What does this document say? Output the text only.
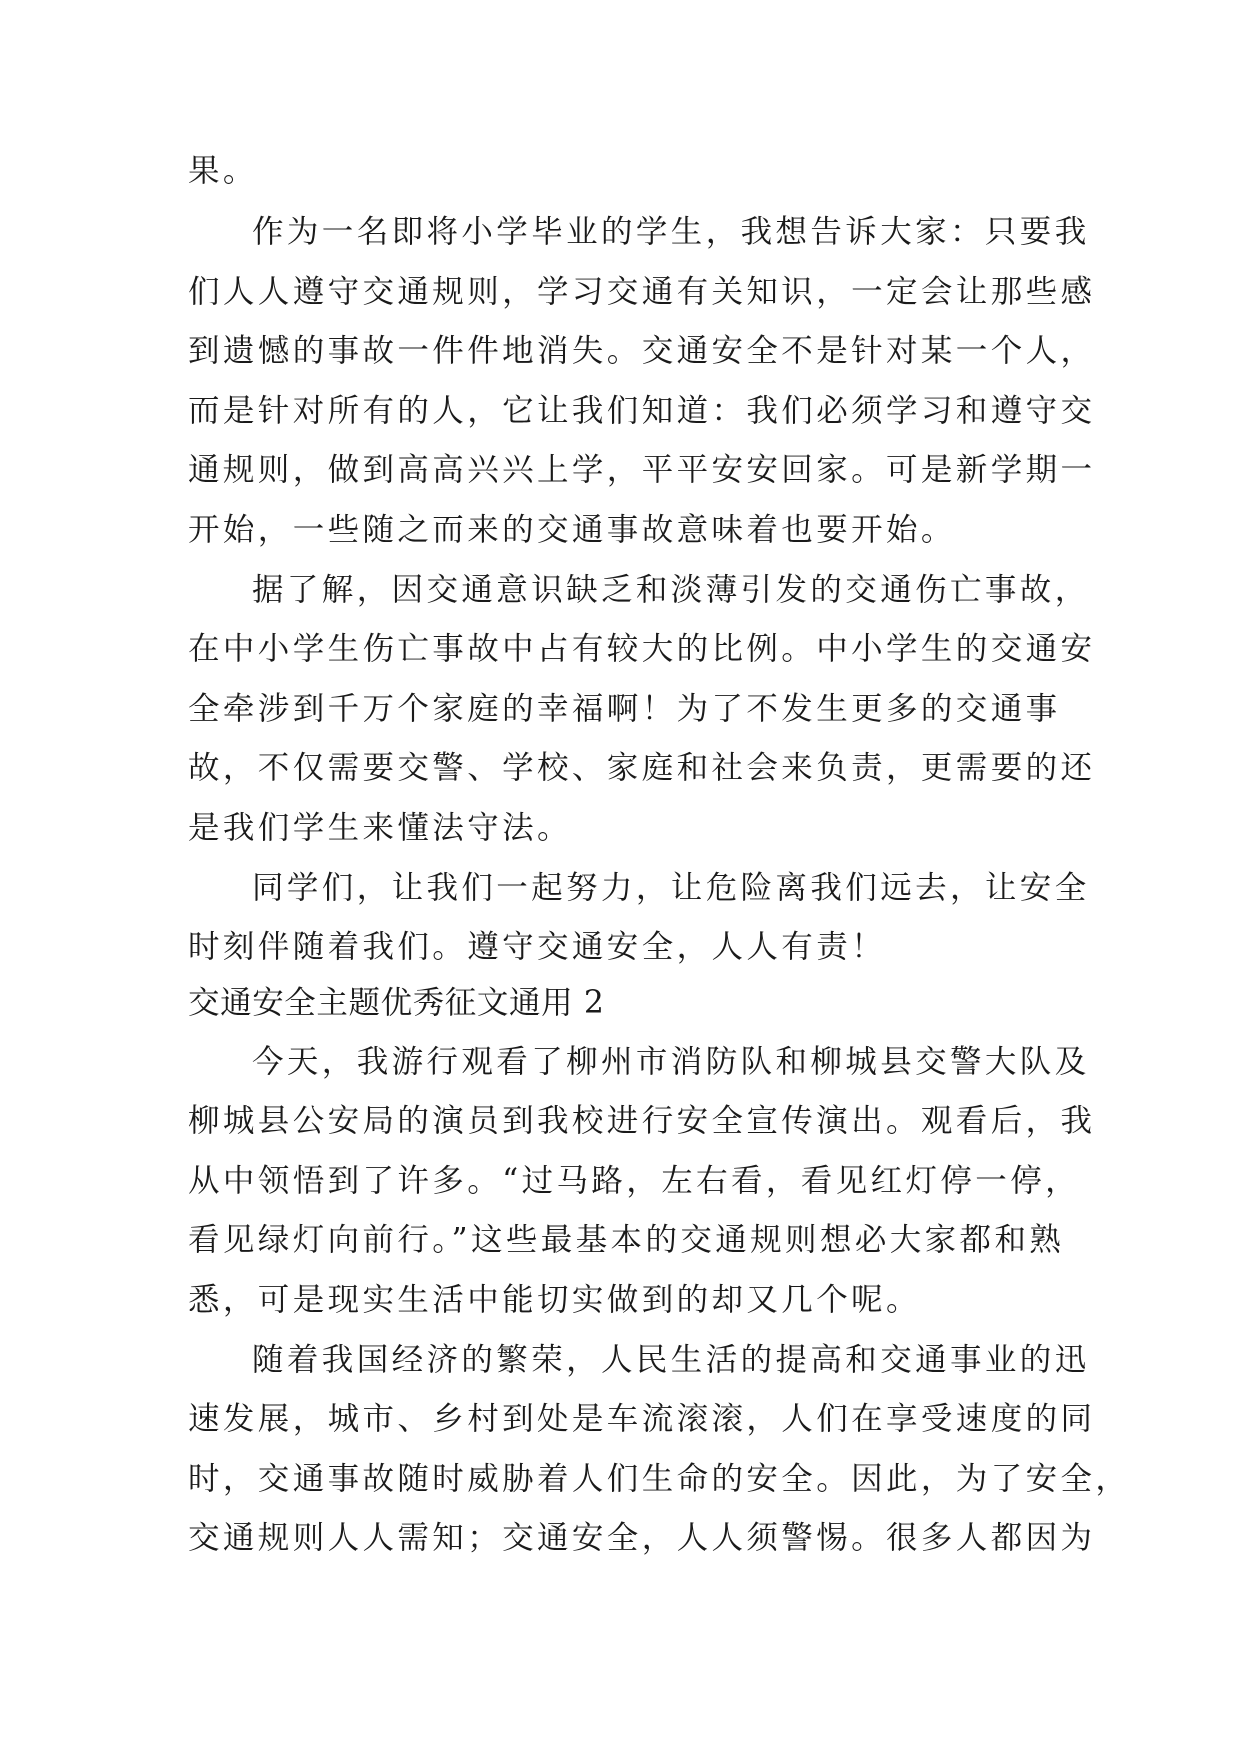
果。
作为一名即将小学毕业的学生，我想告诉大家：只要我
们人人遵守交通规则，学习交通有关知识，一定会让那些感
到遗憾的事故一件件地消失。交通安全不是针对某一个人，
而是针对所有的人，它让我们知道：我们必须学习和遵守交
通规则，做到高高兴兴上学，平平安安回家。可是新学期一
开始，一些随之而来的交通事故意味着也要开始。
据了解，因交通意识缺乏和淡薄引发的交通伤亡事故，
在中小学生伤亡事故中占有较大的比例。中小学生的交通安
全牵涉到千万个家庭的幸福啊！为了不发生更多的交通事
故，不仅需要交警、学校、家庭和社会来负责，更需要的还
是我们学生来懂法守法。
同学们，让我们一起努力，让危险离我们远去，让安全
时刻伴随着我们。遵守交通安全，人人有责！
交通安全主题优秀征文通用 2
今天，我游行观看了柳州市消防队和柳城县交警大队及
柳城县公安局的演员到我校进行安全宣传演出。观看后，我
从中领悟到了许多。“过马路，左右看，看见红灯停一停，
看见绿灯向前行。”这些最基本的交通规则想必大家都和熟
悉，可是现实生活中能切实做到的却又几个呢。
随着我国经济的繁荣，人民生活的提高和交通事业的迅
速发展，城市、乡村到处是车流滚滚，人们在享受速度的同
时，交通事故随时威胁着人们生命的安全。因此，为了安全，
交通规则人人需知；交通安全，人人须警惕。很多人都因为
